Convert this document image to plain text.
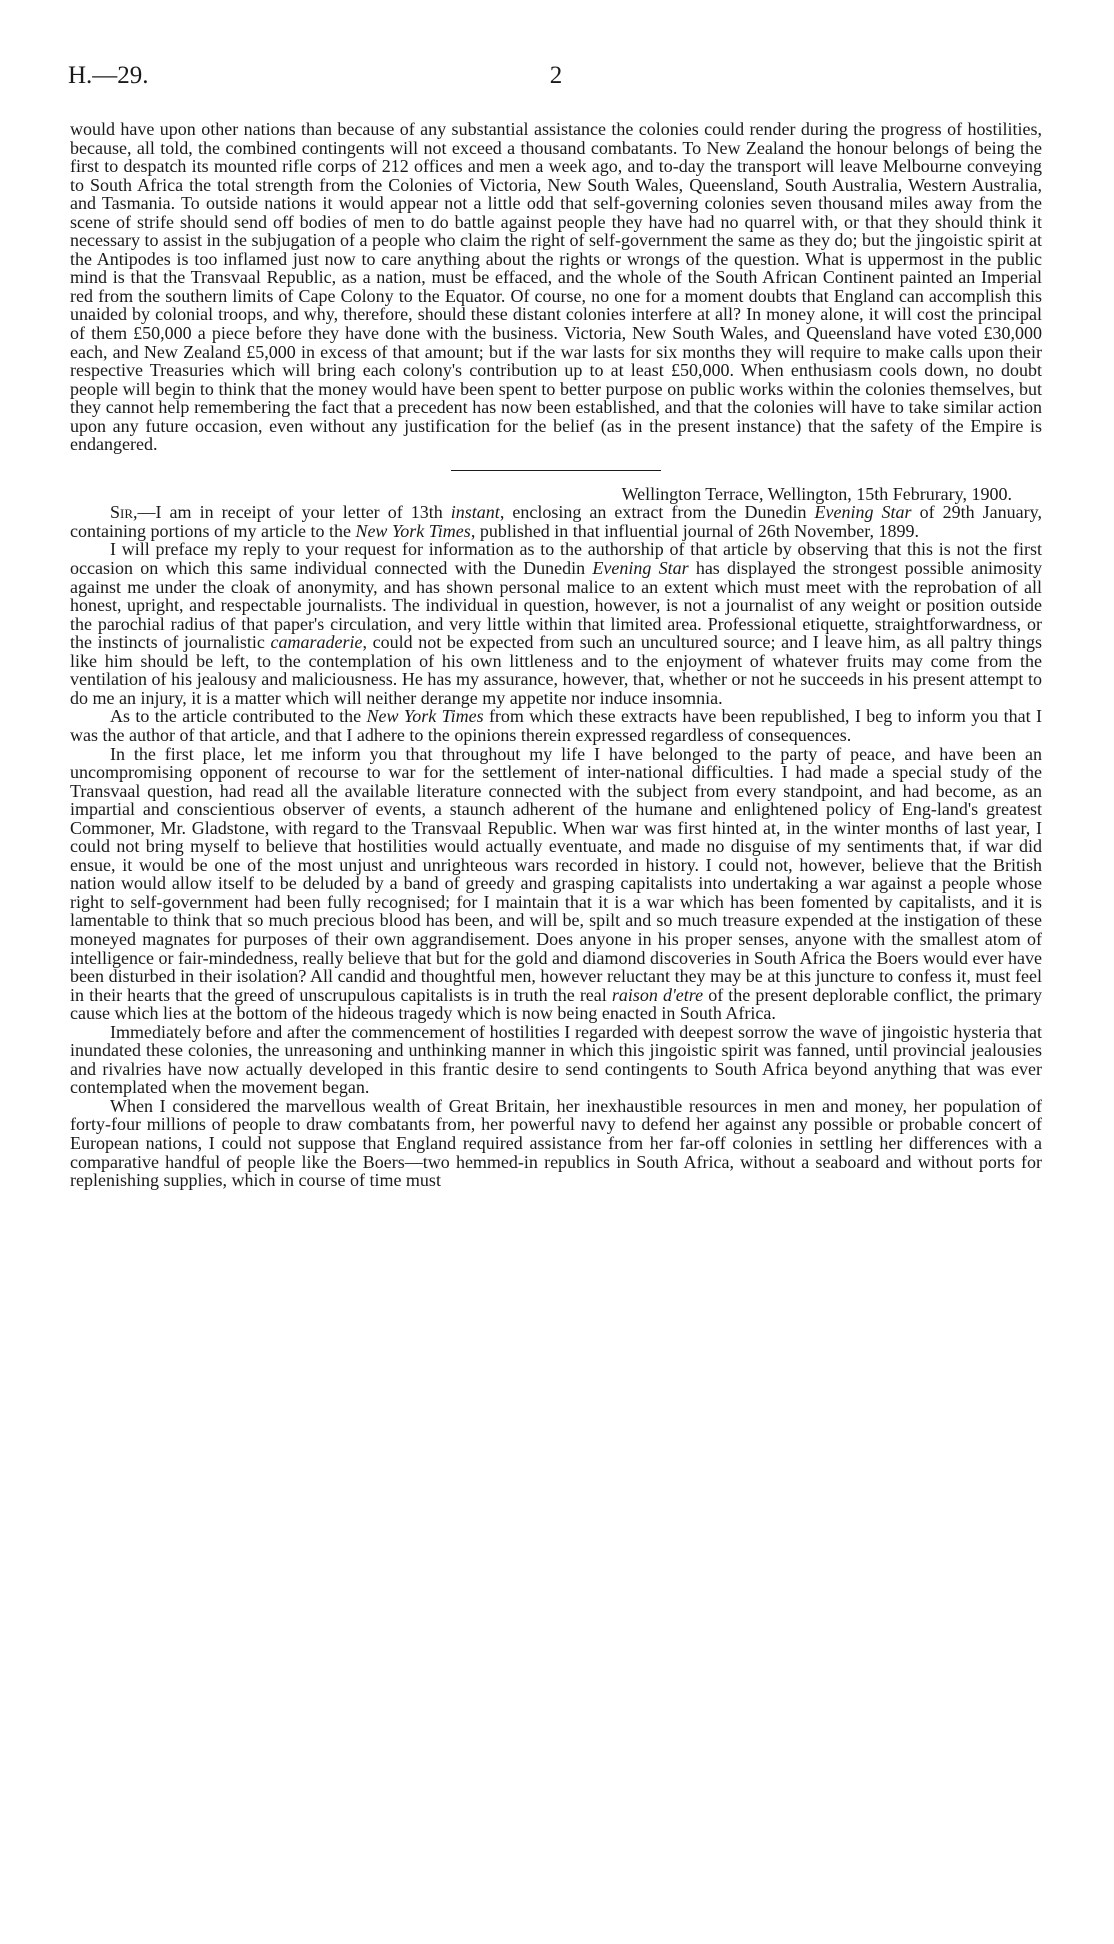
2
H.—29.

would have upon other nations than because of any substantial assistance the colonies could render during the progress of hostilities, because, all told, the combined contingents will not exceed a thousand combatants. To New Zealand the honour belongs of being the first to despatch its mounted rifle corps of 212 offices and men a week ago, and to-day the transport will leave Melbourne conveying to South Africa the total strength from the Colonies of Victoria, New South Wales, Queensland, South Australia, Western Australia, and Tasmania. To outside nations it would appear not a little odd that self-governing colonies seven thousand miles away from the scene of strife should send off bodies of men to do battle against people they have had no quarrel with, or that they should think it necessary to assist in the subjugation of a people who claim the right of self-government the same as they do; but the jingoistic spirit at the Antipodes is too inflamed just now to care anything about the rights or wrongs of the question. What is uppermost in the public mind is that the Transvaal Republic, as a nation, must be effaced, and the whole of the South African Continent painted an Imperial red from the southern limits of Cape Colony to the Equator. Of course, no one for a moment doubts that England can accomplish this unaided by colonial troops, and why, therefore, should these distant colonies interfere at all? In money alone, it will cost the principal of them £50,000 a piece before they have done with the business. Victoria, New South Wales, and Queensland have voted £30,000 each, and New Zealand £5,000 in excess of that amount; but if the war lasts for six months they will require to make calls upon their respective Treasuries which will bring each colony's contribution up to at least £50,000. When enthusiasm cools down, no doubt people will begin to think that the money would have been spent to better purpose on public works within the colonies themselves, but they cannot help remembering the fact that a precedent has now been established, and that the colonies will have to take similar action upon any future occasion, even without any justification for the belief (as in the present instance) that the safety of the Empire is endangered.

Wellington Terrace, Wellington, 15th Februrary, 1900.

Sir,—I am in receipt of your letter of 13th instant, enclosing an extract from the Dunedin Evening Star of 29th January, containing portions of my article to the New York Times, published in that influential journal of 26th November, 1899.

I will preface my reply to your request for information as to the authorship of that article by observing that this is not the first occasion on which this same individual connected with the Dunedin Evening Star has displayed the strongest possible animosity against me under the cloak of anonymity, and has shown personal malice to an extent which must meet with the reprobation of all honest, upright, and respectable journalists. The individual in question, however, is not a journalist of any weight or position outside the parochial radius of that paper's circulation, and very little within that limited area. Professional etiquette, straightforwardness, or the instincts of journalistic camaraderie, could not be expected from such an uncultured source; and I leave him, as all paltry things like him should be left, to the contemplation of his own littleness and to the enjoyment of whatever fruits may come from the ventilation of his jealousy and maliciousness. He has my assurance, however, that, whether or not he succeeds in his present attempt to do me an injury, it is a matter which will neither derange my appetite nor induce insomnia.

As to the article contributed to the New York Times from which these extracts have been republished, I beg to inform you that I was the author of that article, and that I adhere to the opinions therein expressed regardless of consequences.

In the first place, let me inform you that throughout my life I have belonged to the party of peace, and have been an uncompromising opponent of recourse to war for the settlement of inter-national difficulties. I had made a special study of the Transvaal question, had read all the available literature connected with the subject from every standpoint, and had become, as an impartial and conscientious observer of events, a staunch adherent of the humane and enlightened policy of Eng-land's greatest Commoner, Mr. Gladstone, with regard to the Transvaal Republic. When war was first hinted at, in the winter months of last year, I could not bring myself to believe that hostilities would actually eventuate, and made no disguise of my sentiments that, if war did ensue, it would be one of the most unjust and unrighteous wars recorded in history. I could not, however, believe that the British nation would allow itself to be deluded by a band of greedy and grasping capitalists into undertaking a war against a people whose right to self-government had been fully recognised; for I maintain that it is a war which has been fomented by capitalists, and it is lamentable to think that so much precious blood has been, and will be, spilt and so much treasure expended at the instigation of these moneyed magnates for purposes of their own aggrandisement. Does anyone in his proper senses, anyone with the smallest atom of intelligence or fair-mindedness, really believe that but for the gold and diamond discoveries in South Africa the Boers would ever have been disturbed in their isolation? All candid and thoughtful men, however reluctant they may be at this juncture to confess it, must feel in their hearts that the greed of unscrupulous capitalists is in truth the real raison d'etre of the present deplorable conflict, the primary cause which lies at the bottom of the hideous tragedy which is now being enacted in South Africa.

Immediately before and after the commencement of hostilities I regarded with deepest sorrow the wave of jingoistic hysteria that inundated these colonies, the unreasoning and unthinking manner in which this jingoistic spirit was fanned, until provincial jealousies and rivalries have now actually developed in this frantic desire to send contingents to South Africa beyond anything that was ever contemplated when the movement began.

When I considered the marvellous wealth of Great Britain, her inexhaustible resources in men and money, her population of forty-four millions of people to draw combatants from, her powerful navy to defend her against any possible or probable concert of European nations, I could not suppose that England required assistance from her far-off colonies in settling her differences with a comparative handful of people like the Boers—two hemmed-in republics in South Africa, without a seaboard and without ports for replenishing supplies, which in course of time must
